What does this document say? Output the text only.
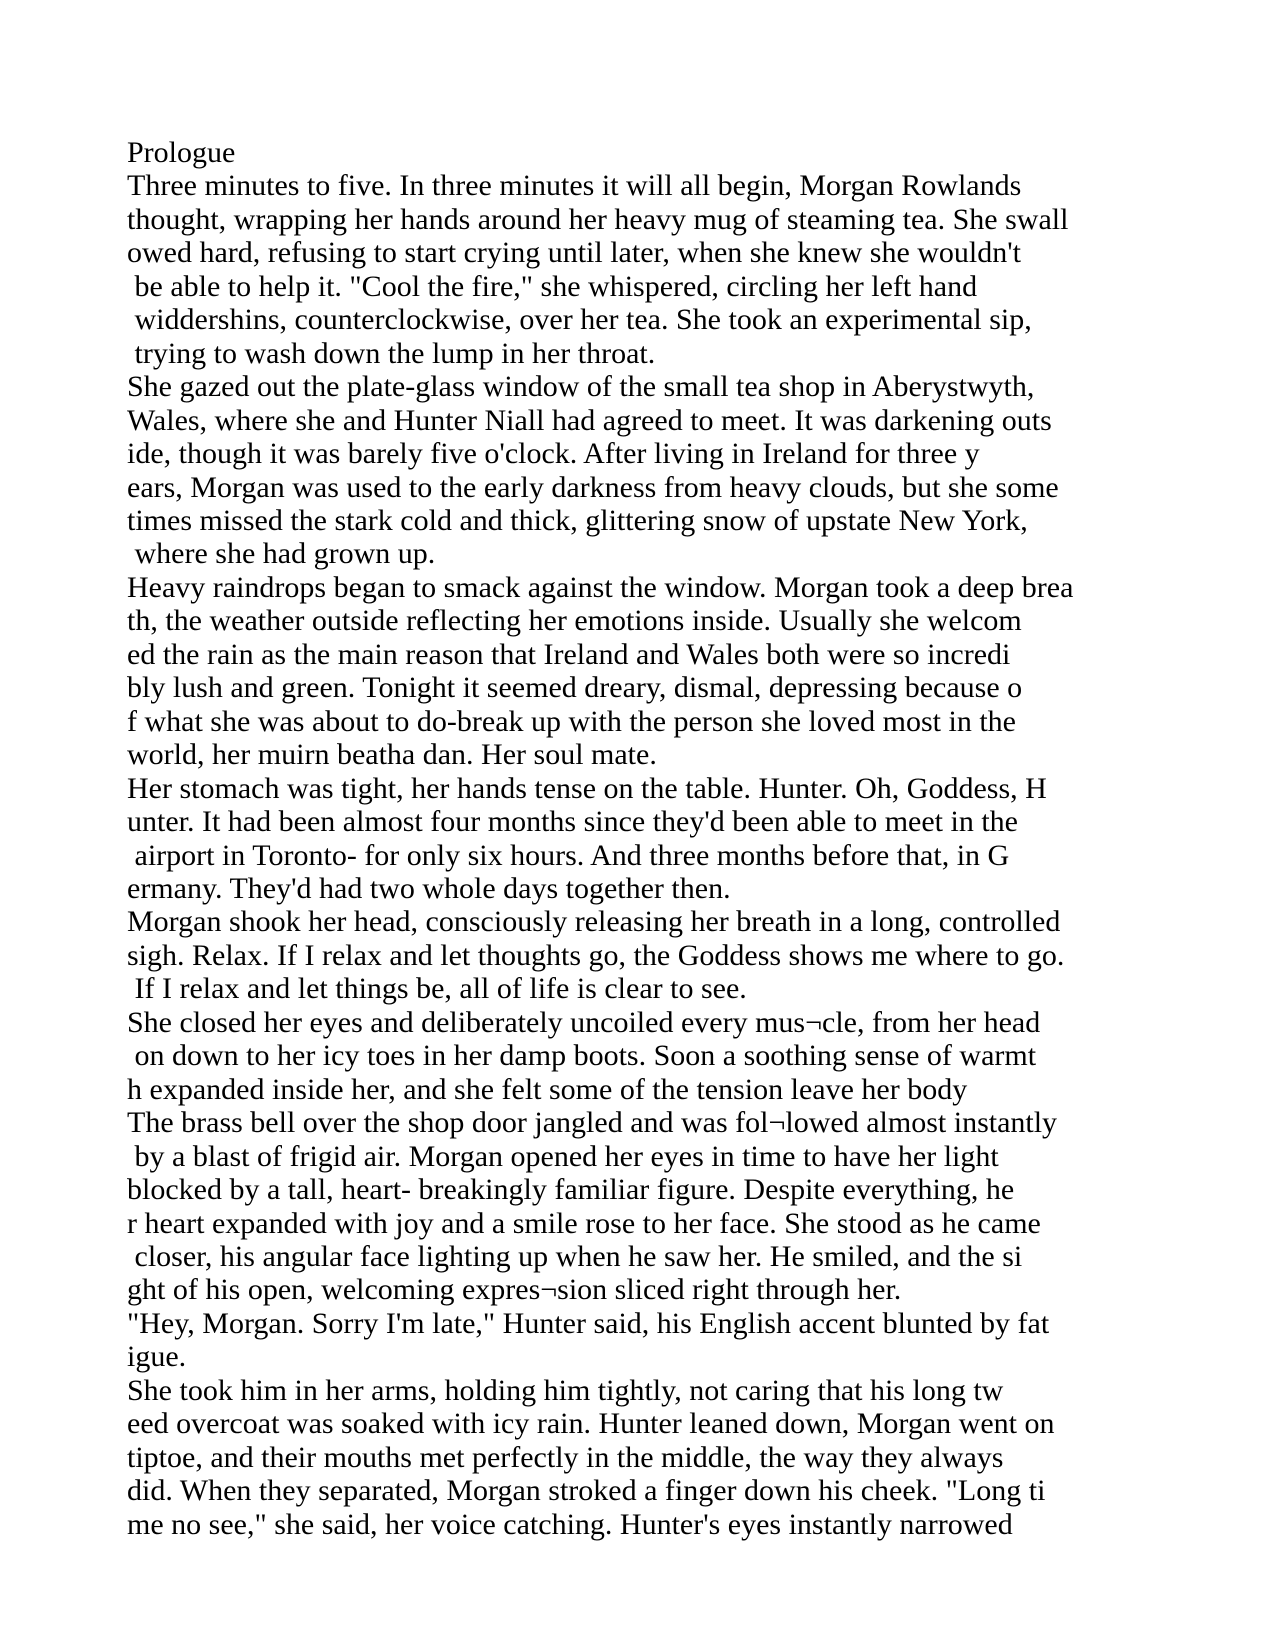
Prologue
Three minutes to five. In three minutes it will all begin, Morgan Rowlands
thought, wrapping her hands around her heavy mug of steaming tea. She swall
owed hard, refusing to start crying until later, when she knew she wouldn't
be able to help it. "Cool the fire," she whispered, circling her left hand
widdershins, counterclockwise, over her tea. She took an experimental sip,
trying to wash down the lump in her throat.
She gazed out the plate-glass window of the small tea shop in Aberystwyth,
Wales, where she and Hunter Niall had agreed to meet. It was darkening outs
ide, though it was barely five o'clock. After living in Ireland for three y
ears, Morgan was used to the early darkness from heavy clouds, but she some
times missed the stark cold and thick, glittering snow of upstate New York,
where she had grown up.
Heavy raindrops began to smack against the window. Morgan took a deep brea
th, the weather outside reflecting her emotions inside. Usually she welcom
ed the rain as the main reason that Ireland and Wales both were so incredi
bly lush and green. Tonight it seemed dreary, dismal, depressing because o
f what she was about to do-break up with the person she loved most in the
world, her muirn beatha dan. Her soul mate.
Her stomach was tight, her hands tense on the table. Hunter. Oh, Goddess, H
unter. It had been almost four months since they'd been able to meet in the
airport in Toronto- for only six hours. And three months before that, in G
ermany. They'd had two whole days together then.
Morgan shook her head, consciously releasing her breath in a long, controlled
sigh. Relax. If I relax and let thoughts go, the Goddess shows me where to go.
If I relax and let things be, all of life is clear to see.
She closed her eyes and deliberately uncoiled every mus¬cle, from her head
on down to her icy toes in her damp boots. Soon a soothing sense of warmt
h expanded inside her, and she felt some of the tension leave her body
The brass bell over the shop door jangled and was fol¬lowed almost instantly
by a blast of frigid air. Morgan opened her eyes in time to have her light
blocked by a tall, heart- breakingly familiar figure. Despite everything, he
r heart expanded with joy and a smile rose to her face. She stood as he came
closer, his angular face lighting up when he saw her. He smiled, and the si
ght of his open, welcoming expres¬sion sliced right through her.
"Hey, Morgan. Sorry I'm late," Hunter said, his English accent blunted by fat
igue.
She took him in her arms, holding him tightly, not caring that his long tw
eed overcoat was soaked with icy rain. Hunter leaned down, Morgan went on
tiptoe, and their mouths met perfectly in the middle, the way they always
did. When they separated, Morgan stroked a finger down his cheek. "Long ti
me no see," she said, her voice catching. Hunter's eyes instantly narrowed
